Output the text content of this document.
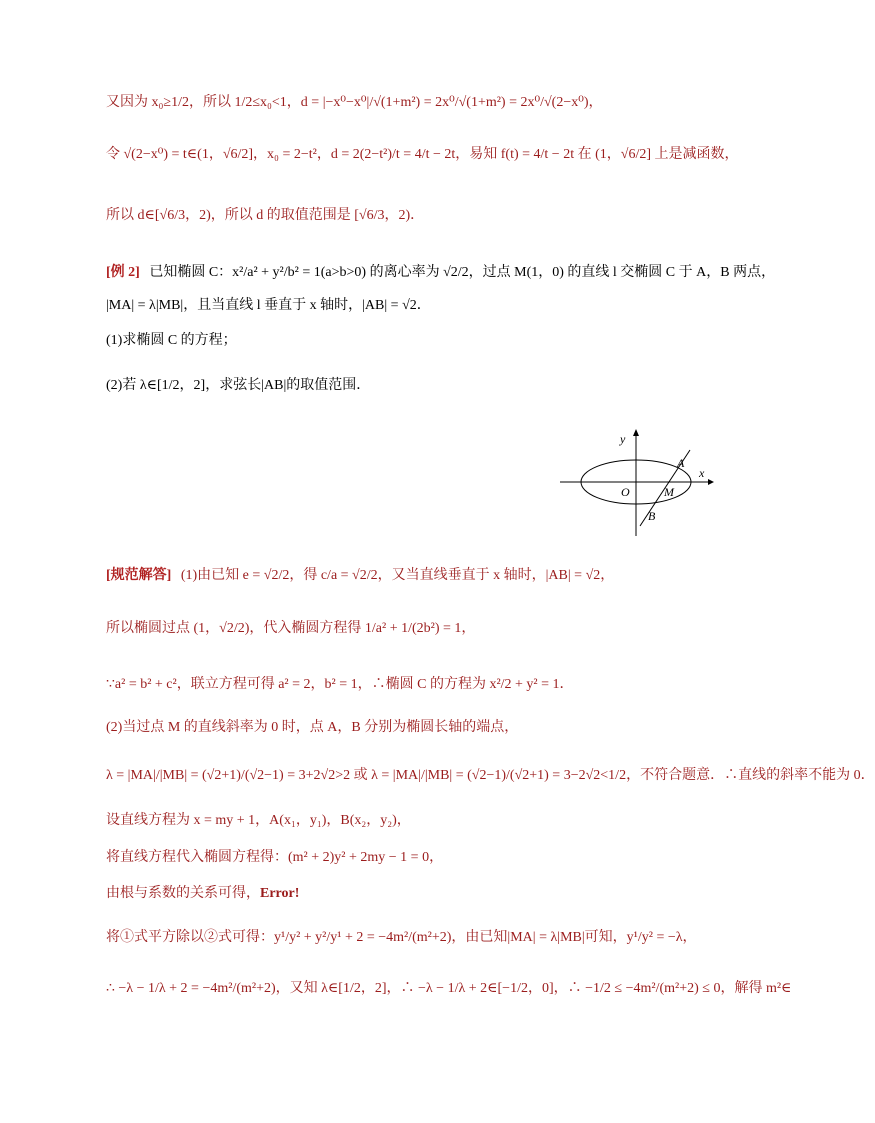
又因为 x₀≥1/2，所以 1/2≤x₀<1，d = |−x⁰−x⁰|/√(1+m²) = 2x⁰/√(1+m²) = 2x⁰/√(2−x⁰)，
令 √(2−x⁰) = t∈(1，√6/2]，x₀ = 2−t²，d = 2(2−t²)/t = 4/t − 2t，易知 f(t) = 4/t − 2t 在 (1，√6/2] 上是减函数，
所以 d∈[√6/3，2)，所以 d 的取值范围是 [√6/3，2)．
[例 2] 已知椭圆 C：x²/a² + y²/b² = 1(a>b>0) 的离心率为 √2/2，过点 M(1，0) 的直线 l 交椭圆 C 于 A，B 两点，
|MA| = λ|MB|，且当直线 l 垂直于 x 轴时，|AB| = √2．
(1)求椭圆 C 的方程；
(2)若 λ∈[1/2，2]，求弦长|AB|的取值范围．
y
x
O
A
M
B
[规范解答] (1)由已知 e = √2/2，得 c/a = √2/2，又当直线垂直于 x 轴时，|AB| = √2，
所以椭圆过点 (1，√2/2)，代入椭圆方程得 1/a² + 1/(2b²) = 1，
∵a² = b² + c²，联立方程可得 a² = 2，b² = 1，∴椭圆 C 的方程为 x²/2 + y² = 1．
(2)当过点 M 的直线斜率为 0 时，点 A，B 分别为椭圆长轴的端点，
λ = |MA|/|MB| = (√2+1)/(√2−1) = 3+2√2>2 或 λ = |MA|/|MB| = (√2−1)/(√2+1) = 3−2√2<1/2，不符合题意．∴直线的斜率不能为 0．
设直线方程为 x = my + 1，A(x₁，y₁)，B(x₂，y₂)，
将直线方程代入椭圆方程得：(m² + 2)y² + 2my − 1 = 0，
由根与系数的关系可得，Error!
将①式平方除以②式可得：y¹/y² + y²/y¹ + 2 = −4m²/(m²+2)，由已知|MA| = λ|MB|可知，y¹/y² = −λ，
∴ −λ − 1/λ + 2 = −4m²/(m²+2)，又知 λ∈[1/2，2]，∴ −λ − 1/λ + 2∈[−1/2，0]，∴ −1/2 ≤ −4m²/(m²+2) ≤ 0，解得 m²∈
